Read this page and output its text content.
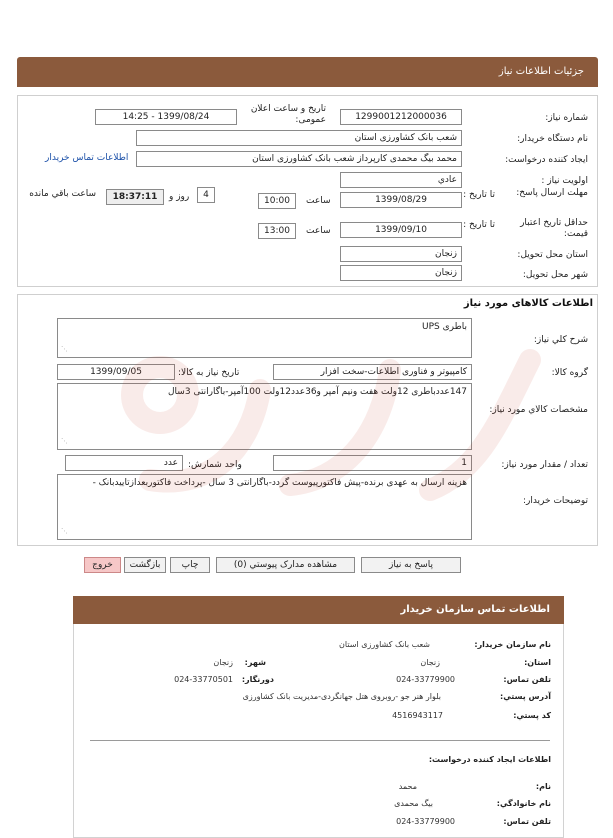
جزئیات اطلاعات نیاز
شماره نیاز:
1299001212000036
تاریخ و ساعت اعلان عمومی:
1399/08/24 - 14:25
نام دستگاه خریدار:
شعب بانک کشاورزی استان
ایجاد کننده درخواست:
محمد بیگ محمدی کارپرداز شعب بانک کشاورزی استان
اطلاعات تماس خریدار
اولویت نیاز :
عادي
مهلت ارسال پاسخ:
تا تاریخ :
1399/08/29
ساعت
10:00
4
روز و
18:37:11
ساعت باقي مانده
حداقل تاریخ اعتبار قیمت:
تا تاریخ :
1399/09/10
ساعت
13:00
استان محل تحویل:
زنجان
شهر محل تحویل:
زنجان
اطلاعات کالاهای مورد نیاز
شرح کلي نیاز:
باطری UPS
⋰
گروه کالا:
کامپیوتر و فناوری اطلاعات-سخت افزار
تاریخ نیاز به کالا:
1399/09/05
مشخصات کالاي مورد نیاز:
147عددباطری 12ولت هفت ونیم آمپر و36عدد12ولت 100آمپر-باگارانتی 3سال
⋰
تعداد / مقدار مورد نیاز:
1
واحد شمارش:
عدد
توضیحات خریدار:
هزینه ارسال به عهدی برنده-پیش فاکتورپیوست گردد-باگارانتی 3 سال -پرداخت فاکتوربعدازتاییدبانک -
⋰
پاسخ به نیاز
مشاهده مدارک پیوستي (0)
چاپ
بازگشت
خروج
اطلاعات تماس سازمان خریدار
نام سازمان خریدار:
شعب بانک کشاورزی استان
استان:
زنجان
شهر:
زنجان
تلفن تماس:
024-33779900
دورنگار:
024-33770501
آدرس پستي:
بلوار هنر جو -روبروی هتل جهانگردی-مدیریت بانک کشاورزی
کد پستي:
4516943117
اطلاعات ایجاد کننده درخواست:
نام:
محمد
نام خانوادگي:
بیگ محمدی
تلفن تماس:
024-33779900
